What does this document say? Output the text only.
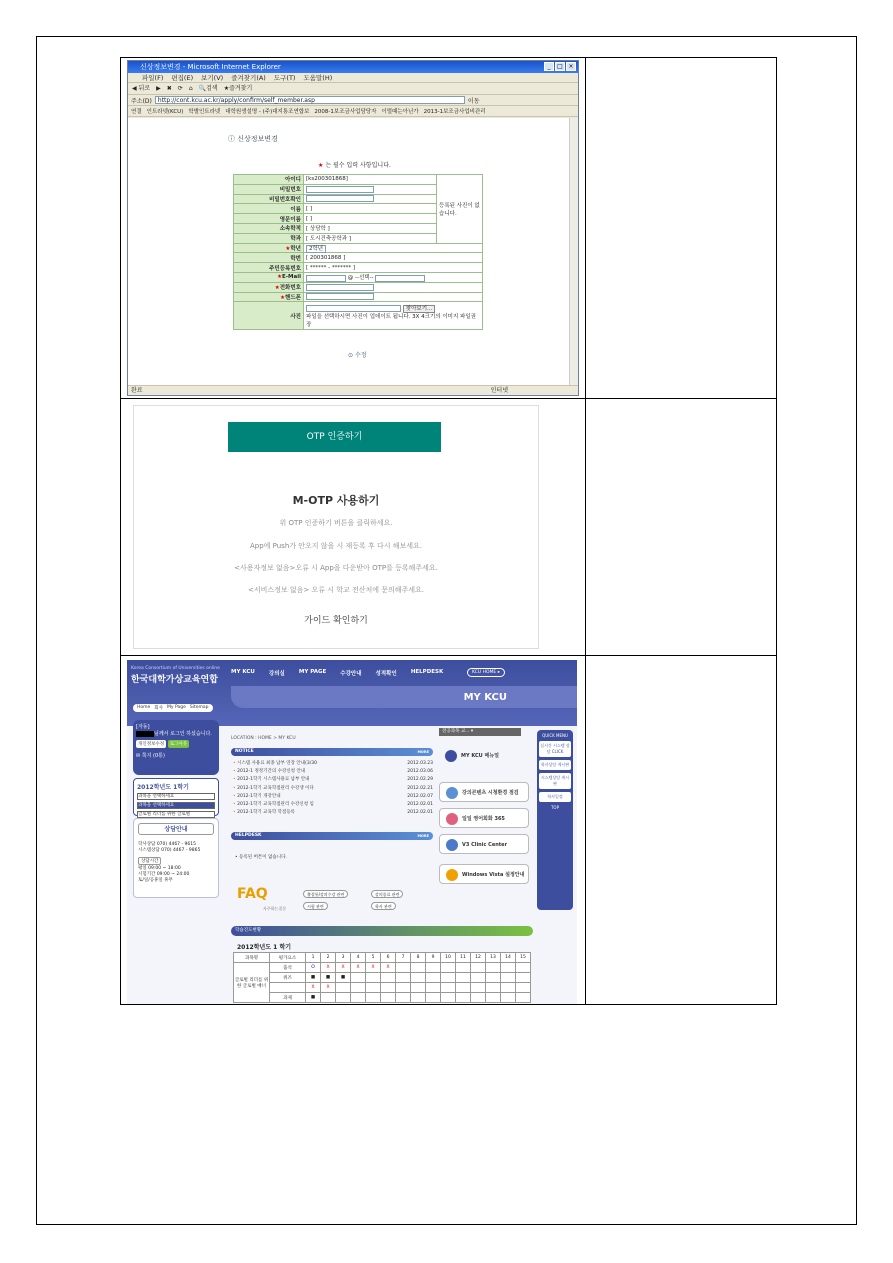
신상정보변경 - Microsoft Internet Explorer	_	□ ×
파일(F) 편집(E) 보기(V) 즐겨찾기(A) 도구(T) 도움말(H)
◀ 뒤로 ▶ ✖ ⟳ ⌂ 🔍검색 ★즐겨찾기
주소(D)	http://cont.kcu.ac.kr/apply/confirm/self_member.asp	이동
연결 인트라넷(KCU) 학별인트라넷 대학원생설명 - (주)대지통조연합보 2008-1보조금사업담당자 이럴때는아닌가 2013-1보조금사업비관리
ⓘ 신상정보변경
★ 는 필수 입력 사항입니다.
아이디	[ks200301868]	등록된 사진이 없습니다.
비밀번호	
비밀번호확인	
이름	[ ]	
영문이름	[ ]	
소속학적	[ 상담학 ]	
학과	[ 도시건축공학과 ]	
★학년	2학년	
학번	[ 200301868 ]	
주민등록번호	[ ****** - ******* ]	
★E-Mail	@ --선택--	
★전화번호	
★핸드폰	
사진	찾아보기...
파일을 선택하시면 사진이 업데이트 됩니다. 3X 4크기의 이미지 파일권장	
⊙ 수정
완료	인터넷
OTP 인증하기
M-OTP 사용하기
위 OTP 인증하기 버튼을 클릭하세요.
App에 Push가 안오지 않을 시 재등록 후 다시 해보세요.
<사용자정보 없음>오류 시 App을 다운받아 OTP를 등록해주세요.
<서비스정보 없음> 오류 시 학교 전산처에 문의해주세요.
가이드 확인하기
Korea Consortium of Universities online
한국대학가상교육연합
MY KCU	강의실	MY PAGE	수강안내	성적확인	HELPDESK	KCU HOME ▸
MY KCU
Home 회사 My Page Sitemap
[자동]
님께서 로그인 하셨습니다.
개인정보수정 로그아웃
✉ 쪽지 (0통)
2012학년도 1학기
과목을 선택하세요
과목을 선택하세요
글로벌 리더를 위한 글로벌
상담안내
학사상담 070) 4467 - 9615
시스템상담 070) 4467 - 9865
상담시간
평일 09:00 ~ 18:00
시험기간 09:00 ~ 24:00
토/일/공휴일 휴무
LOCATION : HOME > MY KCU
NOTICE	MORE
• 시스템 사용료 최종 납부 연장 안내(3/30	2012.03.23
• 2012-1 정정기간의 수강신청 안내	2012.03.06
• 2012-1학기 시스템사용료 납부 안내	2012.02.29
• 2012-1학기 교육학점관리 수강생 이다	2012.02.21
• 2012-1학기 개강안내	2012.02.07
• 2012-1학기 교육학점관리 수강신청 임	2012.02.01
• 2012-1학기 교육학 학점등록	2012.02.01
HELPDESK	MORE
• 등록된 버튼이 없습니다.
FAQ
자주하는질문
출결통/강의수강 관련	강의종료 관련
시험 관련	학사 관련
학습진도현황
2012학년도 1 학기
과목명	평가요소	1	2	3	4	5	6	7	8	9	10	11	12	13	14	15
글로벌 리더를 위한 글로벌 매너	출석	O	X	X	X	X	X									
	퀴즈	■	■	■												
		X	X													
	과제	■														
전공과목 교... ▾
MY KCU 메뉴얼
강의콘텐츠 시청환경 점검
일일 영어회화 365
V3 Clinic Center
Windows Vista 설정안내
QUICK MENU
실시간 시스템 상담 CLICK
학사상담 게시판
시스템상담 게시판
학사일정
TOP
